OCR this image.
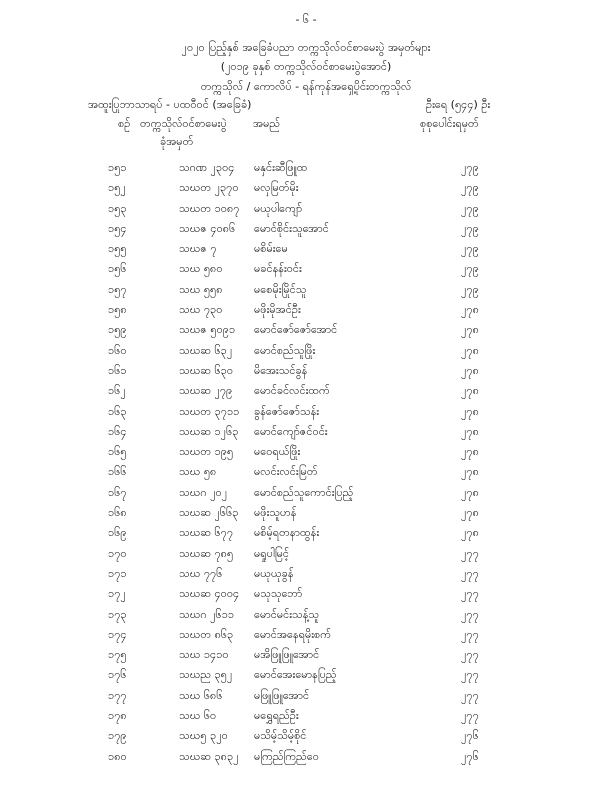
- ၆ -
၂၀၂၀ ပြည့်နှစ် အခြေခံပညာ တက္ကသိုလ်ဝင်စာမေးပွဲ အမှတ်များ
(၂၀၁၉ ခုနှစ် တက္ကသိုလ်ဝင်စာမေးပွဲအောင်)
တက္ကသိုလ် / ကောလိပ် - ရန်ကုန်အရှေ့ပိုင်းတက္ကသိုလ်
အထူးပြုဘာသာရပ် - ပထဝီဝင် (အခြေခံ)	ဦးရေ (၅၄၄) ဦး
စဉ် တက္ကသိုလ်ဝင်စာမေးပွဲ အမည်	စုစုပေါင်းရမှတ်
ခုံအမှတ်
၁၅၁	သဂဏ ၂၃၀၄ မနှင်းဆီဖြူထ	၂၇၉
၁၅၂	သဃတ ၂၃၇၀ မလှမြတ်မိုး	၂၇၉
၁၅၃	သဃတ ၁၀၈၇ မယုပါကျော်	၂၇၉
၁၅၄	သဃဇ ၄၀၈၆ မောင်စိုင်းသူအောင်	၂၇၉
၁၅၅	သဃဇ ၇	မစိမ်းမေ	၂၇၉
၁၅၆	သဃ ၅၈၀	မခင်နန်းဝင်း	၂၇၉
၁၅၇	သဃ ၅၅၈	မစေမိုးမြိုင်သူ	၂၇၉
၁၅၈	သဃ ၇၃၀	မဖိုးမိုအင်ဦး	၂၇၈
၁၅၉	သဃဇ ၅၀၉၁ မောင်ဇော်ဇော်အောင်	၂၇၈
၁၆၀	သဃဆ ၆၃၂ မောင်စည်သူဖြိုး	၂၇၈
၁၆၁	သဃဆ ၆၃၀ မိအေးသင်ခွန်	၂၇၈
၁၆၂	သဃဆ ၂၇၉ မောင်ခင်လင်းထက်	၂၇၈
၁၆၃	သဃတ ၃၇၁၁ ခွန်ဇော်ဇော်သန်း	၂၇၈
၁၆၄	သဃဆ ၁၂၆၃ မောင်ကျော်ဇင်ဝင်း	၂၇၈
၁၆၅	သဃတ ၁၉၅ မဝေရယ်ဖြိုး	၂၇၈
၁၆၆	သဃ ၅၈	မလင်းလင်းမြတ်	၂၇၈
၁၆၇	သဃဂ ၂၀၂ မောင်စည်သူကောင်းပြည့်	၂၇၈
၁၆၈	သဃဆ ၂၆၆၃ မဖိုးသူဟန်	၂၇၈
၁၆၉	သဃဆ ၆၇၇ မစိမ့်ရတနာထွန်း	၂၇၈
၁၇၀	သဃဆ ၇၈၅ မရှုပါမြင့်	၂၇၇
၁၇၁	သဃ ၇၇၆	မယုယုခွန်	၂၇၇
၁၇၂	သဃဆ ၄၀၀၄ မသုသုဘော်	၂၇၇
၁၇၃	သဃဂ ၂၆၁၁ မောင်မင်းသန့်သူ	၂၇၇
၁၇၄	သဃတ ၈၆၃ မောင်အနေရမိုးစက်	၂၇၇
၁၇၅	သဃ ၁၄၁၀ မအိဖြူဖြူအောင်	၂၇၇
၁၇၆	သဃည ၃၅၂ မောင်အေးမောနပြည့်	၂၇၇
၁၇၇	သဃ ၆၈၆	မဖြူဖြူအောင်	၂၇၇
၁၇၈	သဃ ၆၀	မရွှေရည်ဦး	၂၇၇
၁၇၉	သဃ၅ ၃၂၀ မသိမ့်သိမ့်စိုင်	၂၇၆
၁၈၀	သဃဆ ၃၈၃၂ မကြည်ကြည်ဝေ	၂၇၆
